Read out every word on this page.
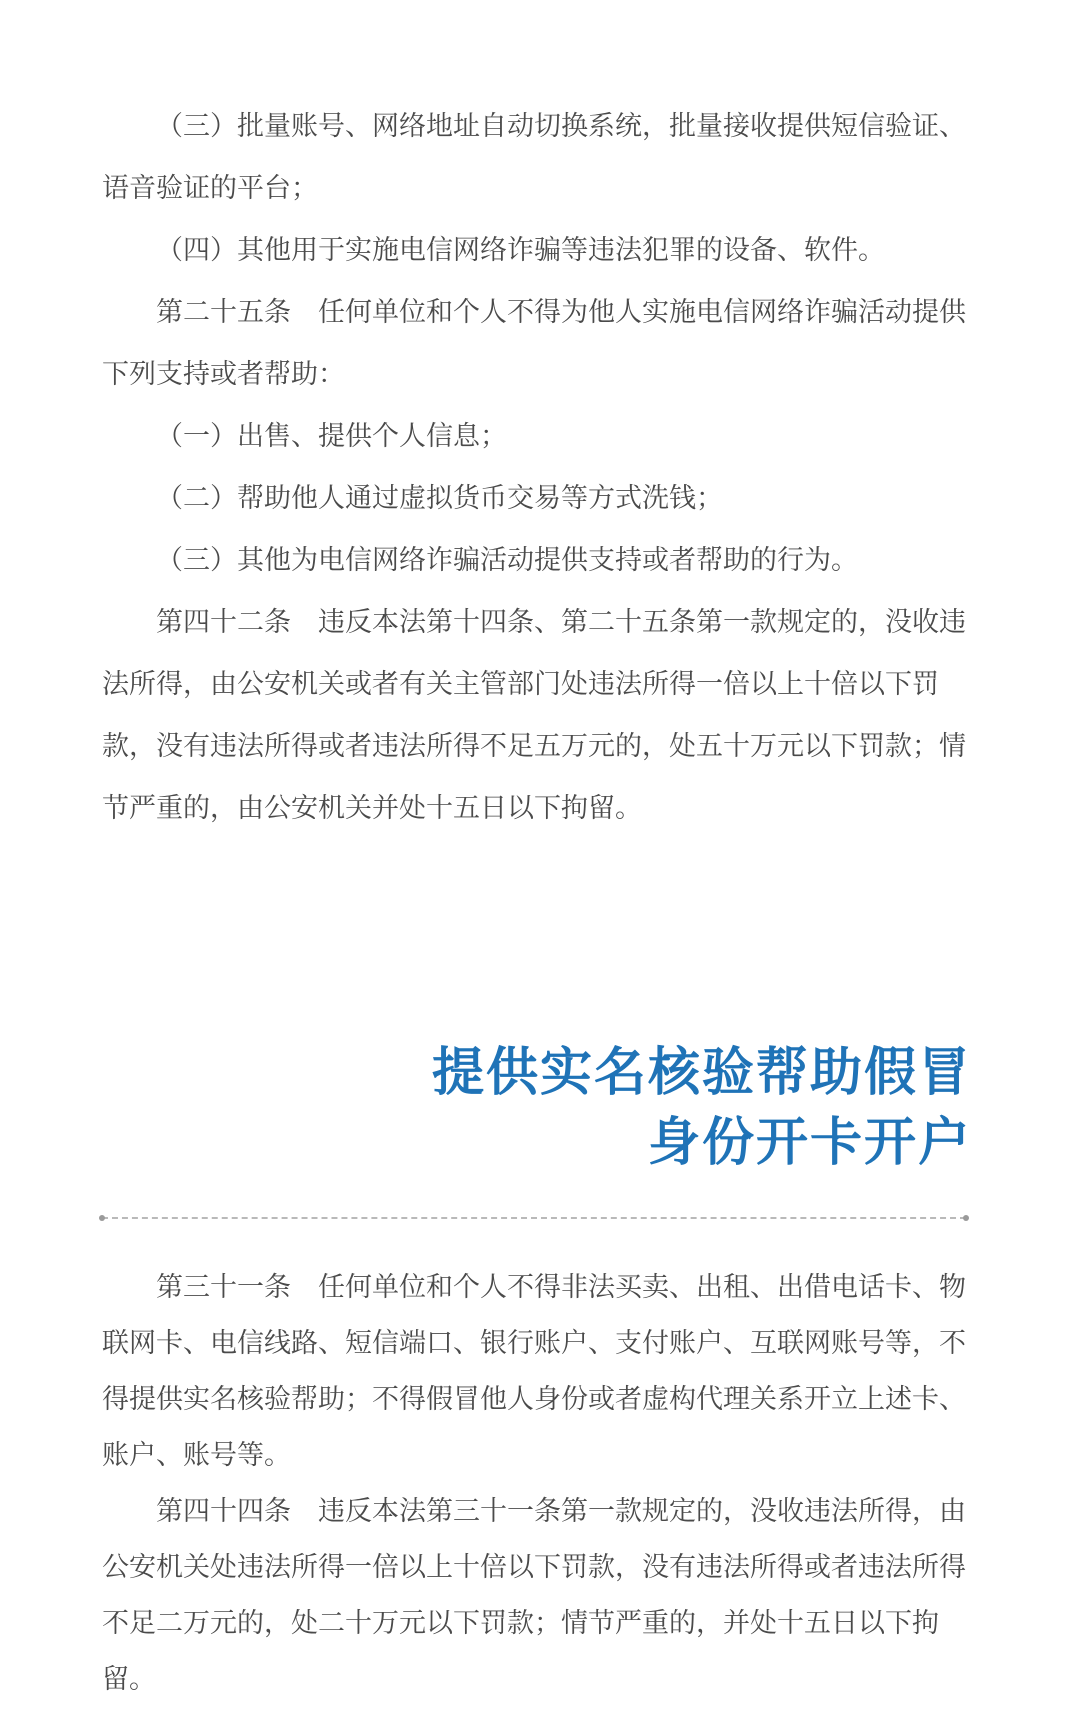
（三）批量账号、网络地址自动切换系统，批量接收提供短信验证、语音验证的平台；

（四）其他用于实施电信网络诈骗等违法犯罪的设备、软件。

第二十五条　任何单位和个人不得为他人实施电信网络诈骗活动提供下列支持或者帮助：

（一）出售、提供个人信息；

（二）帮助他人通过虚拟货币交易等方式洗钱；

（三）其他为电信网络诈骗活动提供支持或者帮助的行为。

第四十二条　违反本法第十四条、第二十五条第一款规定的，没收违法所得，由公安机关或者有关主管部门处违法所得一倍以上十倍以下罚款，没有违法所得或者违法所得不足五万元的，处五十万元以下罚款；情节严重的，由公安机关并处十五日以下拘留。

提供实名核验帮助假冒
身份开卡开户

第三十一条　任何单位和个人不得非法买卖、出租、出借电话卡、物联网卡、电信线路、短信端口、银行账户、支付账户、互联网账号等，不得提供实名核验帮助；不得假冒他人身份或者虚构代理关系开立上述卡、账户、账号等。

第四十四条　违反本法第三十一条第一款规定的，没收违法所得，由公安机关处违法所得一倍以上十倍以下罚款，没有违法所得或者违法所得不足二万元的，处二十万元以下罚款；情节严重的，并处十五日以下拘留。
